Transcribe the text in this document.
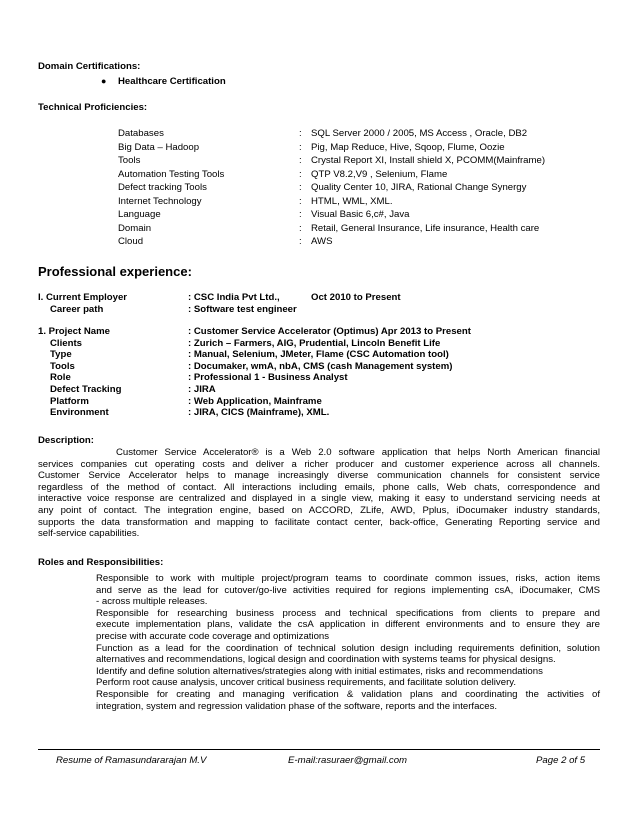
Domain Certifications:
● Healthcare Certification
Technical Proficiencies:
Databases	: SQL Server 2000 / 2005, MS Access , Oracle, DB2
Big Data – Hadoop	: Pig, Map Reduce, Hive, Sqoop, Flume, Oozie
Tools	: Crystal Report XI, Install shield X, PCOMM(Mainframe)
Automation Testing Tools	: QTP V8.2,V9 , Selenium, Flame
Defect tracking Tools	: Quality Center 10, JIRA, Rational Change Synergy
Internet Technology	: HTML, WML, XML.
Language	: Visual Basic 6,c#, Java
Domain	: Retail, General Insurance, Life insurance, Health care
Cloud	: AWS
Professional experience:
I. Current Employer	: CSC India Pvt Ltd.,	Oct 2010 to Present
Career path	: Software test engineer
1. Project Name	: Customer Service Accelerator (Optimus) Apr 2013 to Present
Clients	: Zurich – Farmers, AIG, Prudential, Lincoln Benefit Life
Type	: Manual, Selenium, JMeter, Flame (CSC Automation tool)
Tools	: Documaker, wmA, nbA, CMS (cash Management system)
Role	: Professional 1 - Business Analyst
Defect Tracking	: JIRA
Platform	: Web Application, Mainframe
Environment	: JIRA, CICS (Mainframe), XML.
Description:
Customer Service Accelerator® is a Web 2.0 software application that helps North American financial
services companies cut operating costs and deliver a richer producer and customer experience across all channels.
Customer Service Accelerator helps to manage increasingly diverse communication channels for consistent service
regardless of the method of contact. All interactions including emails, phone calls, Web chats, correspondence and
interactive voice response are centralized and displayed in a single view, making it easy to understand servicing needs at
any point of contact. The integration engine, based on ACCORD, ZLife, AWD, Pplus, iDocumaker industry standards,
supports the data transformation and mapping to facilitate contact center, back-office, Generating Reporting service and
self-service capabilities.
Roles and Responsibilities:
Responsible to work with multiple project/program teams to coordinate common issues, risks, action items
and serve as the lead for cutover/go-live activities required for regions implementing csA, iDocumaker, CMS
- across multiple releases.
Responsible for researching business process and technical specifications from clients to prepare and
execute implementation plans, validate the csA application in different environments and to ensure they are
precise with accurate code coverage and optimizations
Function as a lead for the coordination of technical solution design including requirements definition, solution
alternatives and recommendations, logical design and coordination with systems teams for physical designs.
Identify and define solution alternatives/strategies along with initial estimates, risks and recommendations
Perform root cause analysis, uncover critical business requirements, and facilitate solution delivery.
Responsible for creating and managing verification & validation plans and coordinating the activities of
integration, system and regression validation phase of the software, reports and the interfaces.
Resume of Ramasundararajan M.V	E-mail:rasuraer@gmail.com	Page 2 of 5
